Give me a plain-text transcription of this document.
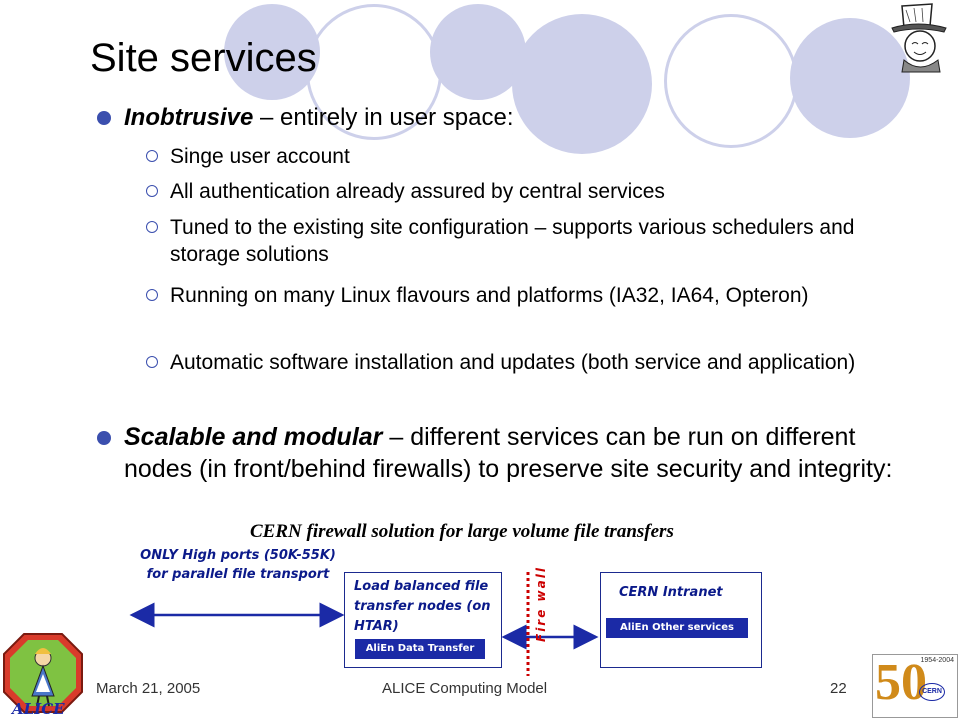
Site services
Inobtrusive – entirely in user space:
Singe user account
All authentication already assured by central services
Tuned to the existing site configuration – supports various schedulers and storage solutions
Running on many Linux flavours and platforms (IA32, IA64, Opteron)
Automatic software installation and updates (both service and application)
Scalable and modular – different services can be run on different nodes (in front/behind firewalls) to preserve site security and integrity:
CERN firewall solution for large volume file transfers
ONLY High ports (50K-55K) for parallel file transport
Load balanced file transfer nodes (on HTAR)
AliEn Data Transfer
Fire wall	CERN Intranet
AliEn Other services
ALICE
March 21, 2005	ALICE Computing Model	22 50
1954-2004
CERN
